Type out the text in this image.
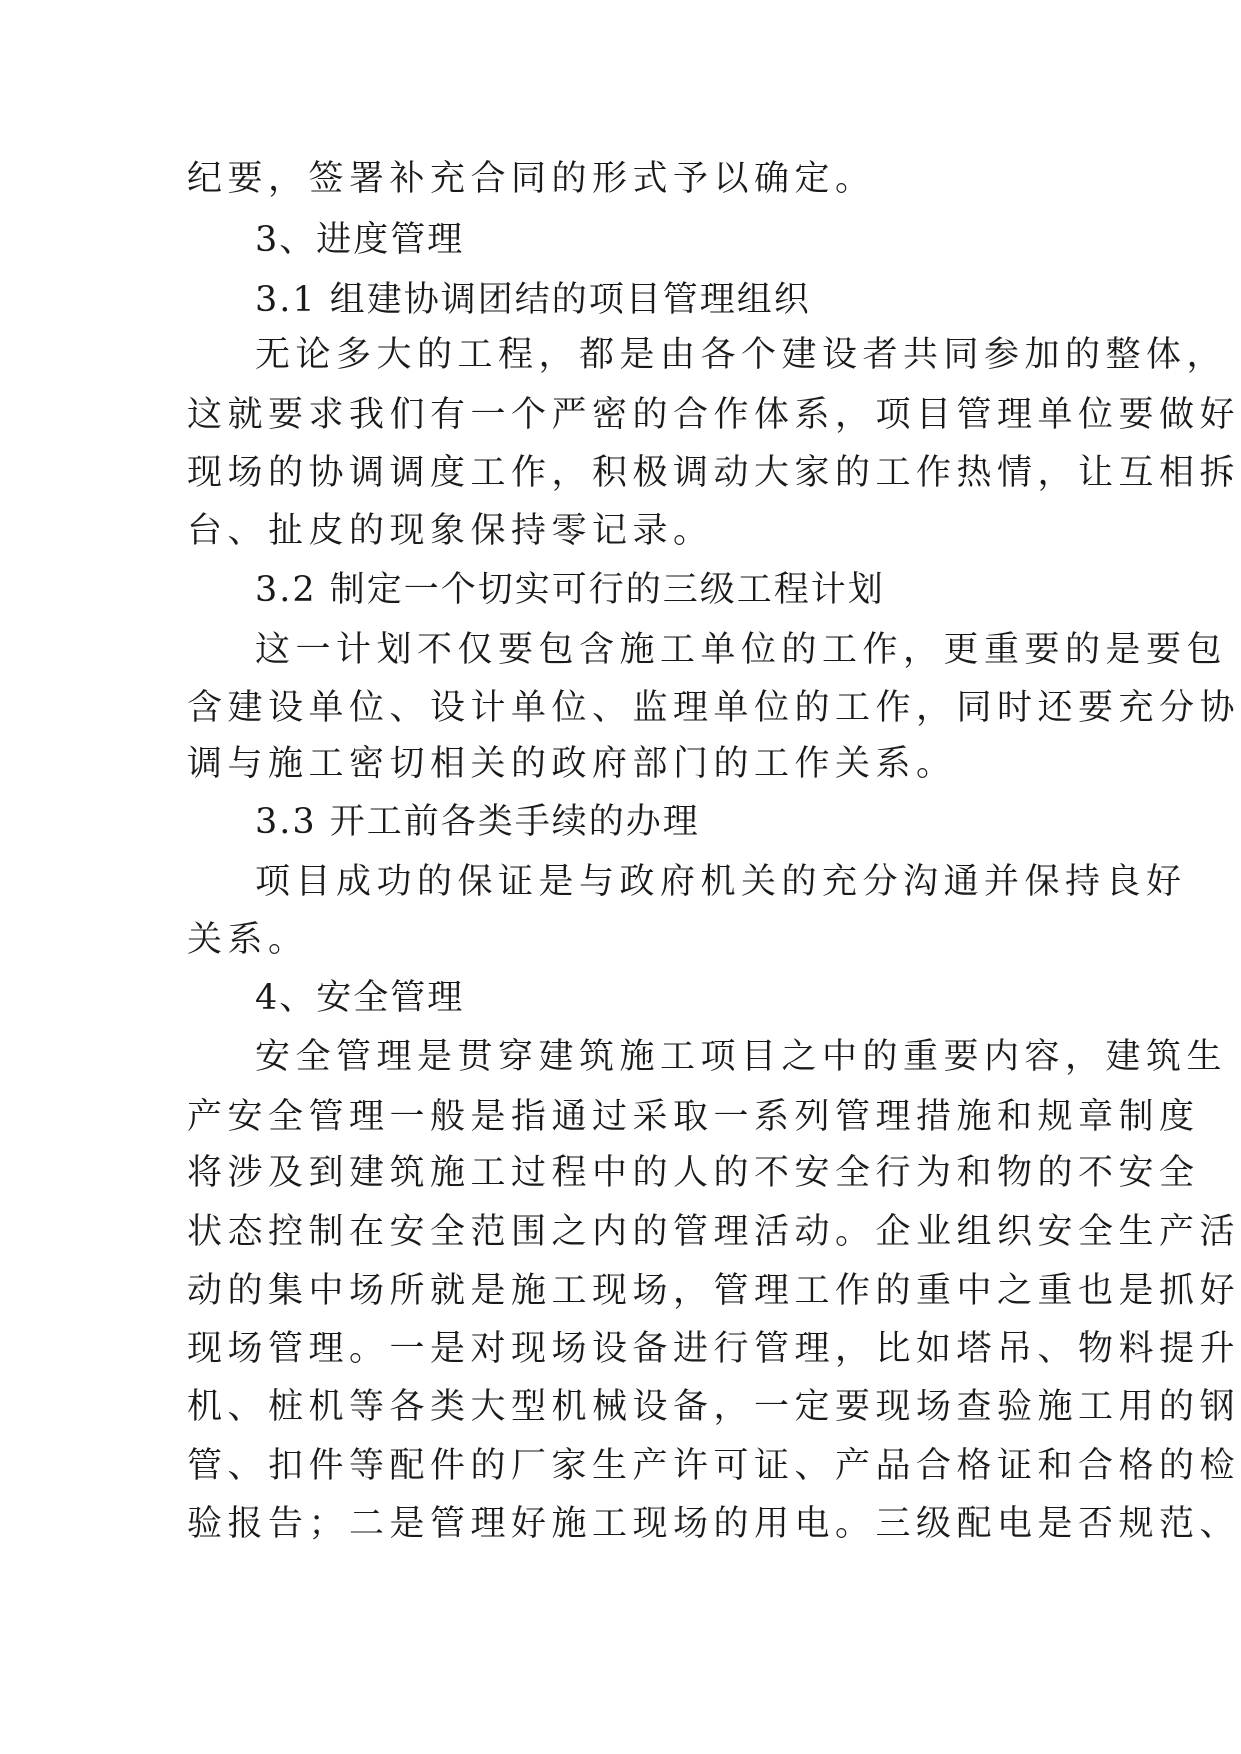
纪要，签署补充合同的形式予以确定。
3、进度管理
3.1 组建协调团结的项目管理组织
无论多大的工程，都是由各个建设者共同参加的整体，
这就要求我们有一个严密的合作体系，项目管理单位要做好
现场的协调调度工作，积极调动大家的工作热情，让互相拆
台、扯皮的现象保持零记录。
3.2 制定一个切实可行的三级工程计划
这一计划不仅要包含施工单位的工作，更重要的是要包
含建设单位、设计单位、监理单位的工作，同时还要充分协
调与施工密切相关的政府部门的工作关系。
3.3 开工前各类手续的办理
项目成功的保证是与政府机关的充分沟通并保持良好
关系。
4、安全管理
安全管理是贯穿建筑施工项目之中的重要内容，建筑生
产安全管理一般是指通过采取一系列管理措施和规章制度
将涉及到建筑施工过程中的人的不安全行为和物的不安全
状态控制在安全范围之内的管理活动。企业组织安全生产活
动的集中场所就是施工现场，管理工作的重中之重也是抓好
现场管理。一是对现场设备进行管理，比如塔吊、物料提升
机、桩机等各类大型机械设备，一定要现场查验施工用的钢
管、扣件等配件的厂家生产许可证、产品合格证和合格的检
验报告；二是管理好施工现场的用电。三级配电是否规范、
